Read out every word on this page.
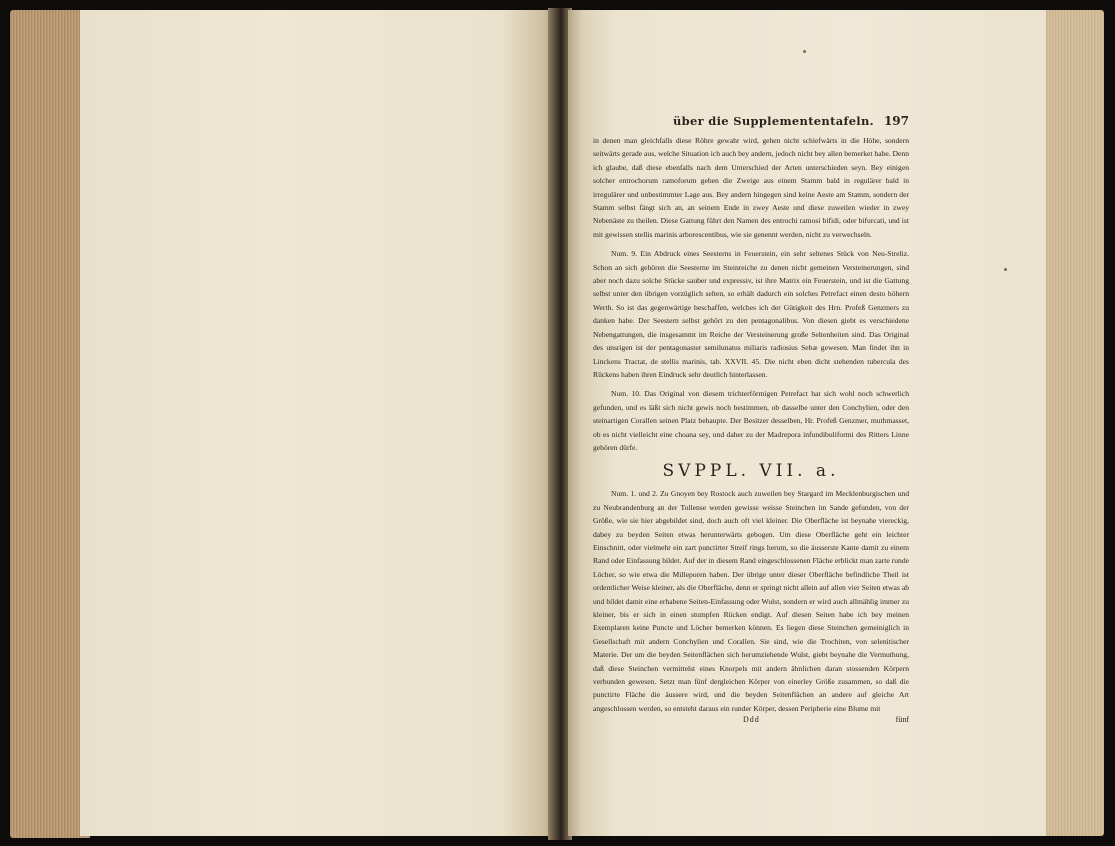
über die Supplemententafeln. 197

in denen man gleichfalls diese Röhre gewahr wird, gehen nicht schiefwärts in die Höhe, sondern seitwärts gerade aus, welche Situation ich auch bey andern, jedoch nicht bey allen bemerket habe. Denn ich glaube, daß diese ebenfalls nach dem Unterschied der Arten unterschieden seyn. Bey einigen solcher entrochorum ramoforum gehen die Zweige aus einem Stamm bald in regulärer bald in irregulärer und unbestimmter Lage aus. Bey andern hingegen sind keine Aeste am Stamm, sondern der Stamm selbst fängt sich an, an seinem Ende in zwey Aeste und diese zuweilen wieder in zwey Nebenäste zu theilen. Diese Gattung führt den Namen des entrochi ramosi bifidi, oder bifurcati, und ist mit gewissen stellis marinis arborescentibus, wie sie genennt werden, nicht zu verwechseln.

Num. 9. Ein Abdruck eines Seesterns in Feuerstein, ein sehr seltenes Stück von Neu-Streliz. Schon an sich gehören die Seesterne im Steinreiche zu denen nicht gemeinen Versteinerungen, sind aber noch dazu solche Stücke sauber und expressiv, ist ihre Matrix ein Feuerstein, und ist die Gattung selbst unter den übrigen vorzüglich selten, so erhält dadurch ein solches Petrefact einen desto höhern Werth. So ist das gegenwärtige beschaffen, welches ich der Gütigkeit des Hrn. Profeß Genzmers zu danken habe. Der Seestern selbst gehört zu den pentagonalibus. Von diesen giebt es verschiedene Nebengattungen, die insgesammt im Reiche der Versteinerung große Seltenheiten sind. Das Original des unsrigen ist der pentagonaster semilunatus miliaris radiosius Sebæ gewesen. Man findet ihn in Linckens Tractat, de stellis marinis, tab. XXVII. 45. Die nicht eben dicht stehenden tubercula des Rückens haben ihren Eindruck sehr deutlich hinterlassen.

Num. 10. Das Original von diesem trichterförmigen Petrefact hat sich wohl noch schwerlich gefunden, und es läßt sich nicht gewis noch bestimmen, ob dasselbe unter den Conchylien, oder den steinartigen Corallen seinen Platz behaupte. Der Besitzer desselben, Hr. Profeß Genzmer, muthmasset, ob es nicht vielleicht eine choana sey, und daher zu der Madrepora infundibuliformi des Ritters Linne gehören dürfe.

SVPPL. VII. a.

Num. 1. und 2. Zu Gnoyen bey Rostock auch zuweilen bey Stargard im Mecklenburgischen und zu Neubrandenburg an der Tollense werden gewisse weisse Steinchen im Sande gefunden, von der Größe, wie sie hier abgebildet sind, doch auch oft viel kleiner. Die Oberfläche ist beynahe viereckig, dabey zu beyden Seiten etwas herunterwärts gebogen. Um diese Oberfläche geht ein leichter Einschnitt, oder vielmehr ein zart punctirter Streif rings herum, so die äusserste Kante damit zu einem Rand oder Einfassung bildet. Auf der in diesem Rand eingeschlossenen Fläche erblickt man zarte runde Löcher, so wie etwa die Milleporen haben. Der übrige unter dieser Oberfläche befindliche Theil ist ordentlicher Weise kleiner, als die Oberfläche, denn er springt nicht allein auf allen vier Seiten etwas ab und bildet damit eine erhabene Seiten-Einfassung oder Wulst, sondern er wird auch allmählig immer zu kleiner, bis er sich in einen stumpfen Rücken endigt. Auf diesen Seiten habe ich bey meinen Exemplaren keine Puncte und Löcher bemerken können. Es liegen diese Steinchen gemeiniglich in Gesellschaft mit andern Conchylien und Corallen. Sie sind, wie die Trochiten, von selenitischer Materie. Der um die beyden Seitenflächen sich herumziehende Wulst, giebt beynahe die Vermuthung, daß diese Steinchen vermittelst eines Knorpels mit andern ähnlichen daran stossenden Körpern verbunden gewesen. Setzt man fünf dergleichen Körper von einerley Größe zusammen, so daß die punctirte Fläche die äussere wird, und die beyden Seitenflächen an andere auf gleiche Art angeschlossen werden, so entsteht daraus ein runder Körper, dessen Peripherie eine Blume mit

Ddd	fünf
